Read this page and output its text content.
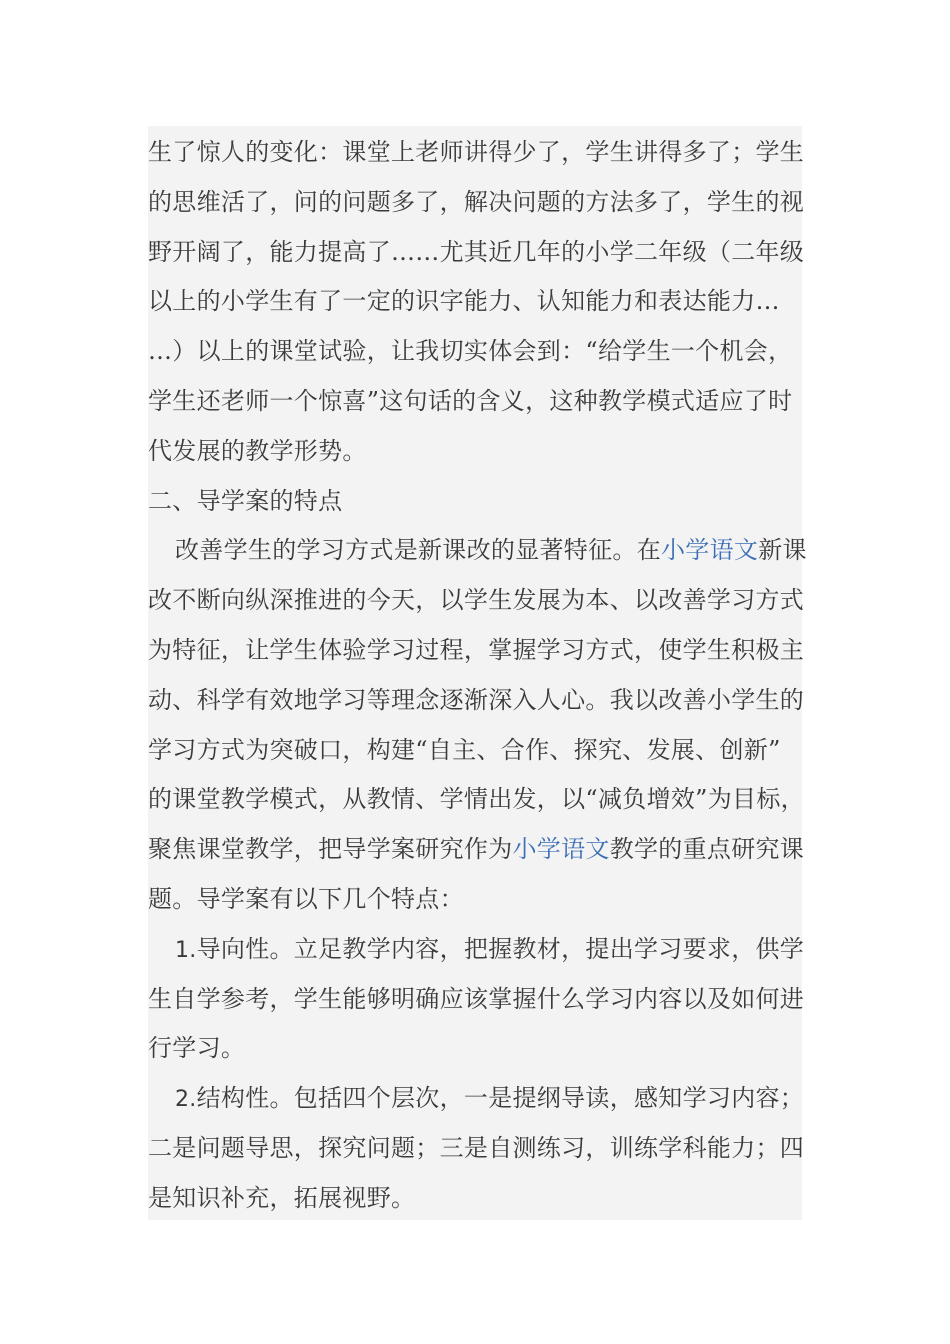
生了惊人的变化：课堂上老师讲得少了，学生讲得多了；学生
的思维活了，问的问题多了，解决问题的方法多了，学生的视
野开阔了，能力提高了……尤其近几年的小学二年级（二年级
以上的小学生有了一定的识字能力、认知能力和表达能力…
…）以上的课堂试验，让我切实体会到：“给学生一个机会，
学生还老师一个惊喜”这句话的含义，这种教学模式适应了时
代发展的教学形势。
二、导学案的特点
改善学生的学习方式是新课改的显著特征。在小学语文新课
改不断向纵深推进的今天，以学生发展为本、以改善学习方式
为特征，让学生体验学习过程，掌握学习方式，使学生积极主
动、科学有效地学习等理念逐渐深入人心。我以改善小学生的
学习方式为突破口，构建“自主、合作、探究、发展、创新”
的课堂教学模式，从教情、学情出发，以“减负增效”为目标，
聚焦课堂教学，把导学案研究作为小学语文教学的重点研究课
题。导学案有以下几个特点：
1.导向性。立足教学内容，把握教材，提出学习要求，供学
生自学参考，学生能够明确应该掌握什么学习内容以及如何进
行学习。
2.结构性。包括四个层次，一是提纲导读，感知学习内容；
二是问题导思，探究问题；三是自测练习，训练学科能力；四
是知识补充，拓展视野。
